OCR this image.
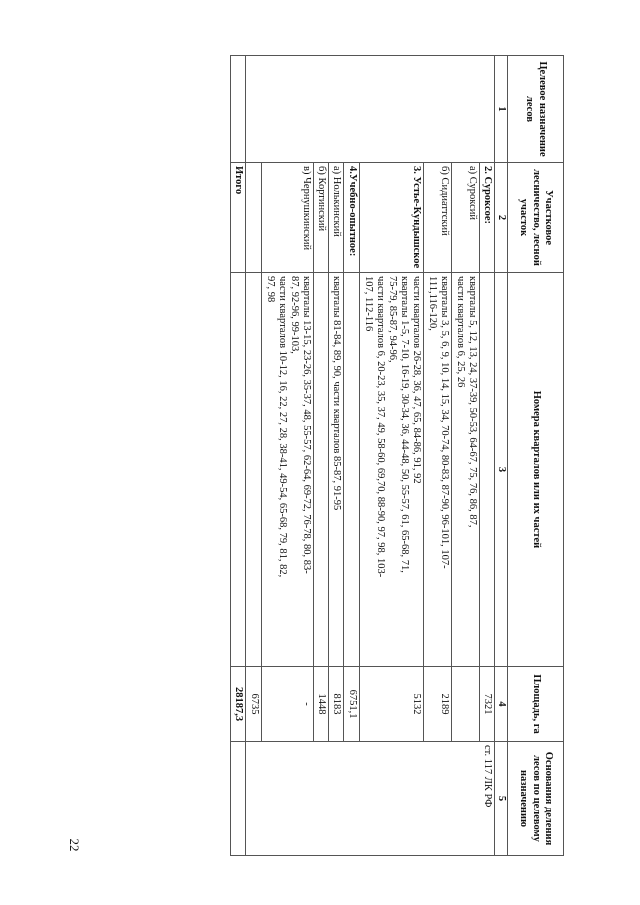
Целевое назначение лесов	Участковое лесничество, лесной участок	Номера кварталов или их частей	Площадь, га	Основания деления лесов по целевому назначению
1	2	3	4	5
	2. Суроксое:		7321	ст. 117 ЛК РФ
	а) Суроксий	кварталы 5, 12, 13, 24, 37-39, 50-53, 64-67, 75, 76, 86, 87,
части кварталов 6, 25, 26		

	б) Сидиаттский	кварталы 3, 5, 6, 9, 10, 14, 15, 34, 70-74, 80-83, 87-90, 96-101, 107-
111,116-120,	2189	
	3. Устье-Кундышское	части кварталов 26-28, 36, 47, 65, 84-86, 91, 92
кварталы 1-5, 7-10, 16-19, 30-34, 36, 44-48, 50, 55-57, 61, 65-68, 71,
75-79, 85-87, 94-96,
части кварталов 6, 20-23, 35, 37, 49, 58-60, 69,70, 88-90, 97, 98, 103-
107, 112-116	5132	
	4.Учебно-опытное:		6751,1	
	а) Нолькинский	кварталы 81-84, 89, 90, части кварталов 85-87, 91-95	8183	
	б) Кортинский		1448	
	в) Чернушкинский	кварталы 13-15, 23-26, 35-37, 48, 55-57, 62-64, 69-72, 76-78, 80, 83-
87, 92-96, 99-103,
части кварталов 10-12, 16, 22, 27, 28, 38-41, 49-54, 65-68, 79, 81, 82,
97, 98	-	
			6735	
	Итого		28187,3	
22
